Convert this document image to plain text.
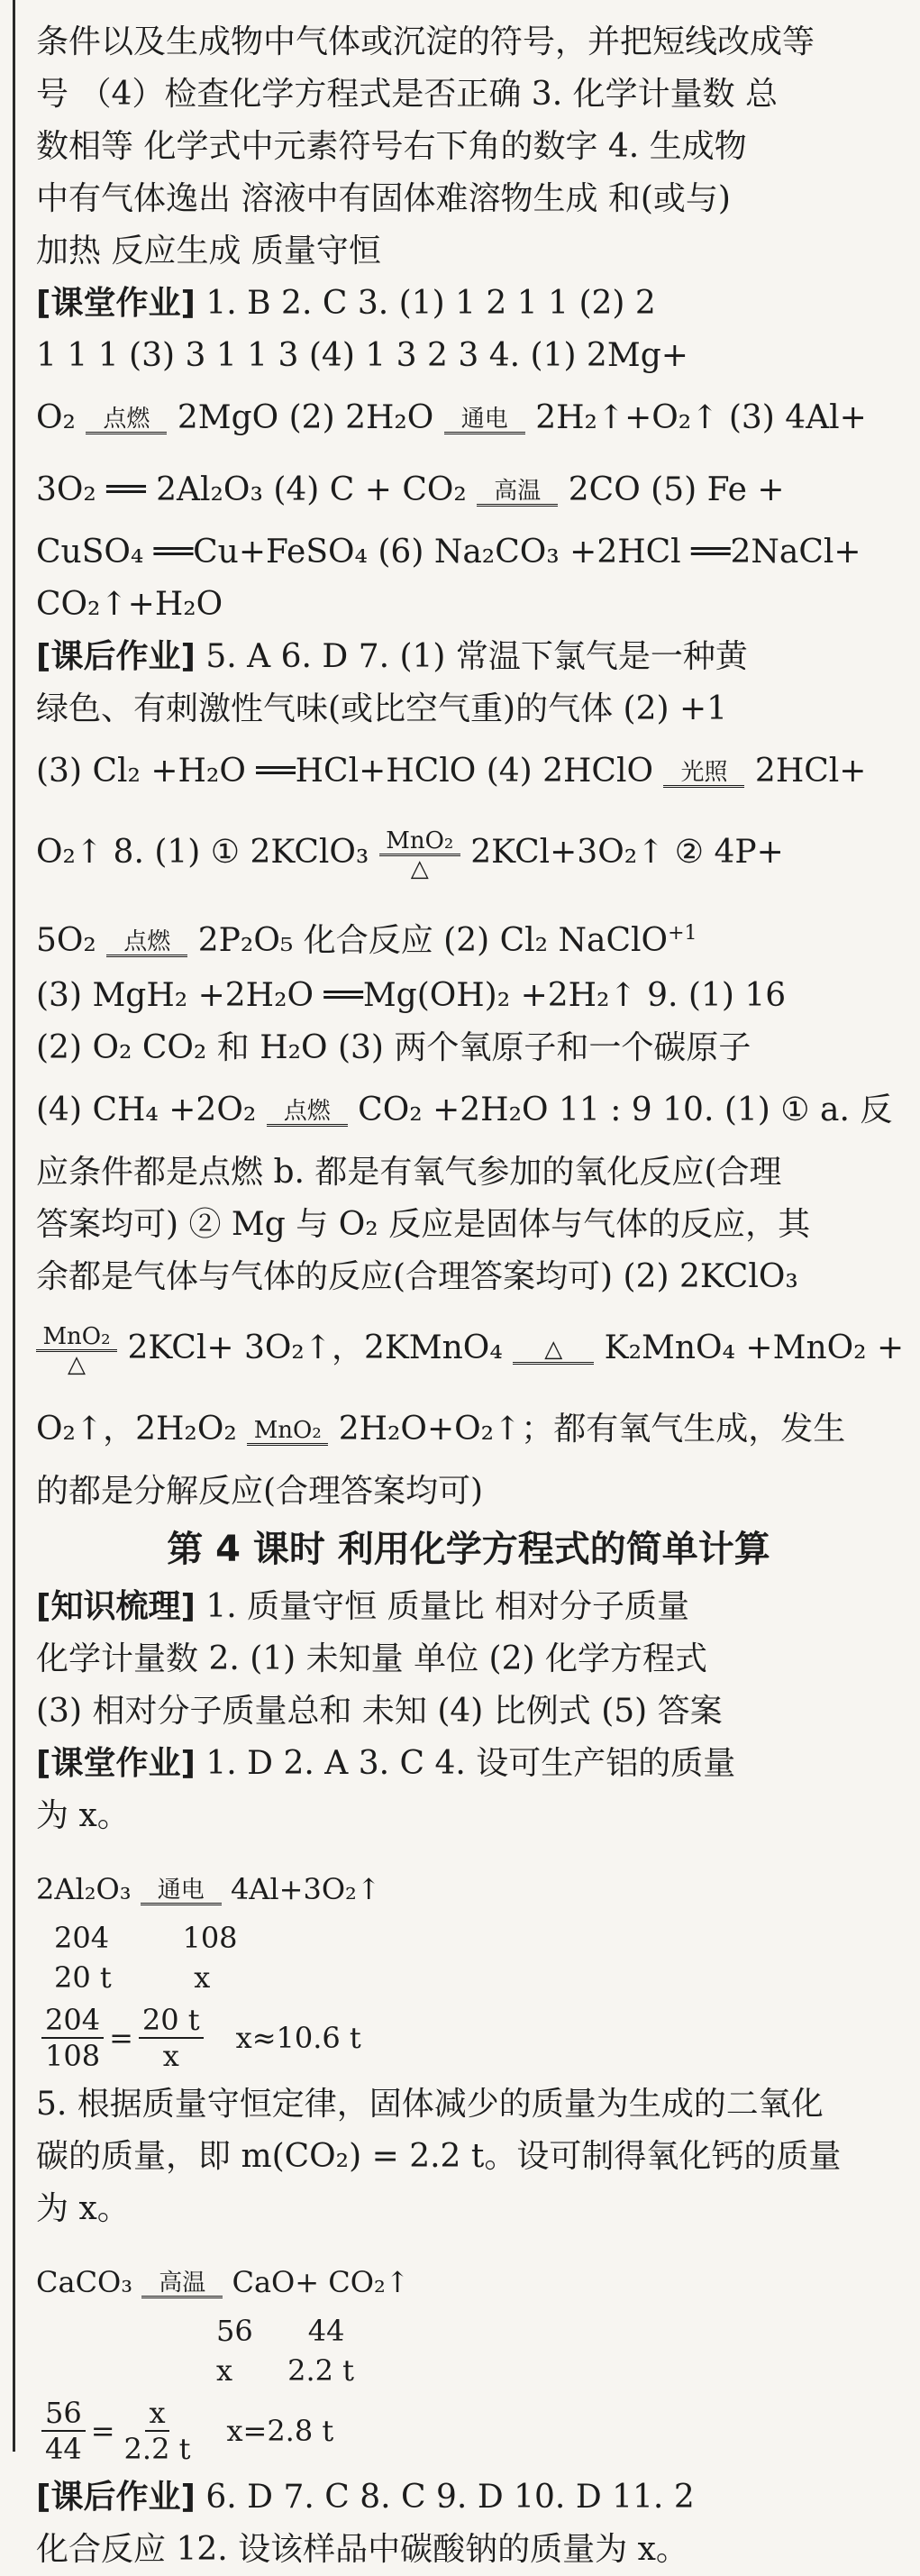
条件以及生成物中气体或沉淀的符号，并把短线改成等
号 （4）检查化学方程式是否正确 3. 化学计量数 总
数相等 化学式中元素符号右下角的数字 4. 生成物
中有气体逸出 溶液中有固体难溶物生成 和(或与)
加热 反应生成 质量守恒
[课堂作业] 1. B 2. C 3. (1) 1 2 1 1 (2) 2
1 1 1 (3) 3 1 1 3 (4) 1 3 2 3 4. (1) 2Mg+
O₂ 点燃 2MgO (2) 2H₂O 通电 2H₂↑+O₂↑ (3) 4Al+
3O₂ ══ 2Al₂O₃ (4) C + CO₂ 高温 2CO (5) Fe +
CuSO₄ ══Cu+FeSO₄ (6) Na₂CO₃ +2HCl ══2NaCl+
CO₂↑+H₂O
[课后作业] 5. A 6. D 7. (1) 常温下氯气是一种黄
绿色、有刺激性气味(或比空气重)的气体 (2) +1
(3) Cl₂ +H₂O ══HCl+HClO (4) 2HClO 光照 2HCl+
O₂↑ 8. (1) ① 2KClO₃ MnO₂
△ 2KCl+3O₂↑ ② 4P+
5O₂ 点燃 2P₂O₅ 化合反应 (2) Cl₂ NaClO$^{+1}$
(3) MgH₂ +2H₂O ══Mg(OH)₂ +2H₂↑ 9. (1) 16
(2) O₂ CO₂ 和 H₂O (3) 两个氧原子和一个碳原子
(4) CH₄ +2O₂ 点燃 CO₂ +2H₂O 11 : 9 10. (1) ① a. 反
应条件都是点燃 b. 都是有氧气参加的氧化反应(合理
答案均可) ② Mg 与 O₂ 反应是固体与气体的反应，其
余都是气体与气体的反应(合理答案均可) (2) 2KClO₃
MnO₂
△ 2KCl+ 3O₂↑，2KMnO₄ △ K₂MnO₄ +MnO₂ +
O₂↑，2H₂O₂ MnO₂ 2H₂O+O₂↑；都有氧气生成，发生
的都是分解反应(合理答案均可)
第 4 课时 利用化学方程式的简单计算
[知识梳理] 1. 质量守恒 质量比 相对分子质量
化学计量数 2. (1) 未知量 单位 (2) 化学方程式
(3) 相对分子质量总和 未知 (4) 比例式 (5) 答案
[课堂作业] 1. D 2. A 3. C 4. 设可生产铝的质量
为 x。
2Al₂O₃ 通电 4Al+3O₂↑
204        108
20 t         x
$\frac{204}{108} = \frac{20 t}{x} x\approx 10.6$ t
5. 根据质量守恒定律，固体减少的质量为生成的二氧化
碳的质量，即 m(CO₂) = 2.2 t。设可制得氧化钙的质量
为 x。
CaCO₃ 高温 CaO+ CO₂↑
56      44
x      2.2 t
$\frac{56}{44} = \frac{x}{2.2 t} x=2.8$ t
[课后作业] 6. D 7. C 8. C 9. D 10. D 11. 2
化合反应 12. 设该样品中碳酸钠的质量为 x。
